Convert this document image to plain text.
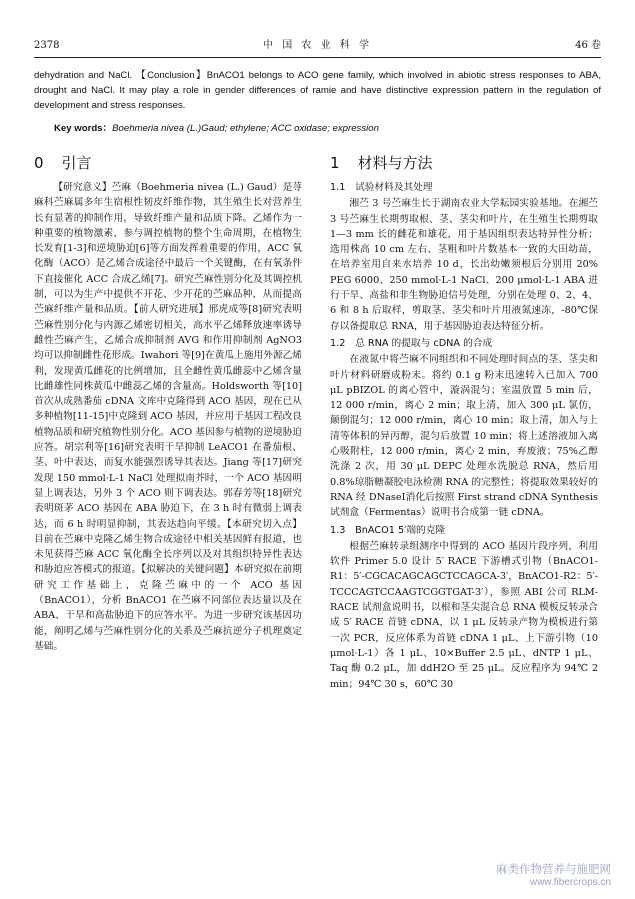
2378	中 国 农 业 科 学	46 卷
dehydration and NaCl. 【Conclusion】BnACO1 belongs to ACO gene family, which involved in abiotic stress responses to ABA, drought and NaCl. It may play a role in gender differences of ramie and have distinctive expression pattern in the regulation of development and stress responses.
Key words：Boehmeria nivea (L.)Gaud; ethylene; ACC oxidase; expression
0 引言

【研究意义】苎麻（Boehmeria nivea (L.) Gaud）是荨麻科苎麻属多年生宿根性韧皮纤维作物，其生殖生长对营养生长有显著的抑制作用，导致纤维产量和品质下降。乙烯作为一种重要的植物激素，参与调控植物的整个生命周期，在植物生长发育[1-3]和逆境胁迫[6]等方面发挥着重要的作用，ACC 氧化酶（ACO）是乙烯合成途径中最后一个关键酶，在有氧条件下直接催化 ACC 合成乙烯[7]。研究苎麻性别分化及其调控机制，可以为生产中提供不开花、少开花的苎麻品种，从而提高苎麻纤维产量和品质。【前人研究进展】邢虎成等[8]研究表明苎麻性别分化与内源乙烯密切相关，高水平乙烯释放速率诱导雌性苎麻产生，乙烯合成抑制剂 AVG 和作用抑制剂 AgNO3 均可以抑制雌性花形成。Iwahori 等[9]在黄瓜上施用外源乙烯利，发现黄瓜雌花的比例增加，且全雌性黄瓜雌蕊中乙烯含量比雌雄性同株黄瓜中雌蕊乙烯的含量高。Holdsworth 等[10]首次从成熟番茄 cDNA 文库中克隆得到 ACO 基因，现在已从多种植物[11-15]中克隆到 ACO 基因，并应用于基因工程改良植物品质和研究植物性别分化。ACO 基因参与植物的逆境胁迫应答。胡宗利等[16]研究表明干旱抑制 LeACO1 在番茄根、茎、叶中表达，而复水能强烈诱导其表达。Jiang 等[17]研究发现 150 mmol·L-1 NaCl 处理拟南芥时，一个 ACO 基因明显上调表达，另外 3 个 ACO 则下调表达。郭春芳等[18]研究表明斑茅 ACO 基因在 ABA 胁迫下，在 3 h 时有微弱上调表达，而 6 h 时明显抑制，其表达趋向平缓。【本研究切入点】目前在苎麻中克隆乙烯生物合成途径中相关基因鲜有报道，也未见获得苎麻 ACC 氧化酶全长序列以及对其组织特异性表达和胁迫应答模式的报道。【拟解决的关键问题】本研究拟在前期研究工作基础上，克隆苎麻中的一个 ACO 基因（BnACO1），分析 BnACO1 在苎麻不同部位表达量以及在 ABA、干旱和高盐胁迫下的应答水平。为进一步研究该基因功能，阐明乙烯与苎麻性别分化的关系及苎麻抗逆分子机理奠定基础。

1 材料与方法
1.1　试验材料及其处理

湘苎 3 号苎麻生长于湖南农业大学耘园实验基地。在湘苎 3 号苎麻生长期剪取根、茎、茎尖和叶片，在生殖生长期剪取 1—3 mm 长的雌花和雄花，用于基因组织表达特异性分析；选用株高 10 cm 左右、茎粗和叶片数基本一致的大田幼苗，在培养室用自来水培养 10 d，长出幼嫩须根后分别用 20% PEG 6000、250 mmol·L-1 NaCl、200 μmol·L-1 ABA 进行干旱、高盐和非生物胁迫信号处理，分别在处理 0、2、4、6 和 8 h 后取样，剪取茎、茎尖和叶片用液氮速冻，-80℃保存以备提取总 RNA，用于基因胁迫表达特征分析。

1.2　总 RNA 的提取与 cDNA 的合成

在液氮中将苎麻不同组织和不同处理时间点的茎、茎尖和叶片材料研磨成粉末。将约 0.1 g 粉末迅速转入已加入 700 μL pBIZOL 的离心管中，漩涡混匀；室温放置 5 min 后，12 000 r/min，离心 2 min；取上清，加入 300 μL 氯仿，颠倒混匀；12 000 r/min，离心 10 min；取上清，加入与上清等体积的异丙醇，混匀后放置 10 min；将上述溶液加入离心吸附柱，12 000 r/min，离心 2 min，弃废液；75%乙醇洗涤 2 次，用 30 μL DEPC 处理水洗脱总 RNA，然后用 0.8%琼脂糖凝胶电泳检测 RNA 的完整性；将提取效果较好的 RNA 经 DNaseⅠ消化后按照 First strand cDNA Synthesis 试剂盒（Fermentas）说明书合成第一链 cDNA。

1.3　BnACO1 5′端的克隆

根据苎麻转录组测序中得到的 ACO 基因片段序列，利用软件 Primer 5.0 设计 5′ RACE 下游槽式引物（BnACO1-R1：5′-CGCACAGCAGCTCCAGCA-3′，BnACO1-R2：5′-TCCCAGTCCAAGTCGGTGAT-3′），参照 ABI 公司 RLM-RACE 试剂盒说明书，以根和茎尖混合总 RNA 模板反转录合成 5′ RACE 首链 cDNA，以 1 μL 反转录产物为模板进行第一次 PCR，反应体系为首链 cDNA 1 μL、上下游引物（10 μmol·L-1）各 1 μL、10×Buffer 2.5 μL、dNTP 1 μL、Taq 酶 0.2 μL，加 ddH2O 至 25 μL。反应程序为 94℃ 2 min；94℃ 30 s，60℃ 30

麻类作物营养与施肥网
www.fibercrops.cn
